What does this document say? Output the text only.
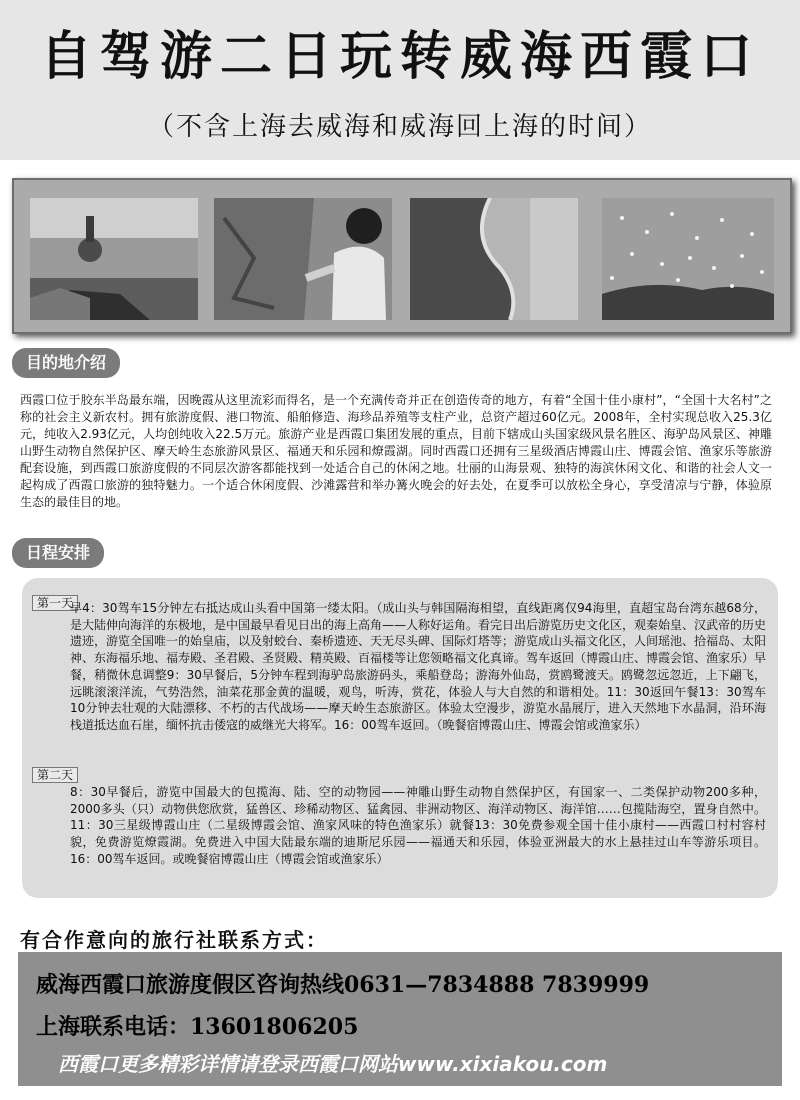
自驾游二日玩转威海西霞口
（不含上海去威海和威海回上海的时间）
目的地介绍
西霞口位于胶东半岛最东端，因晚霞从这里流彩而得名，是一个充满传奇并正在创造传奇的地方，有着“全国十佳小康村”，“全国十大名村”之称的社会主义新农村。拥有旅游度假、港口物流、船舶修造、海珍品养殖等支柱产业，总资产超过60亿元。2008年，全村实现总收入25.3亿元，纯收入2.93亿元，人均创纯收入22.5万元。旅游产业是西霞口集团发展的重点，目前下辖成山头国家级风景名胜区、海驴岛风景区、神雕山野生动物自然保护区、摩天岭生态旅游风景区、福通天和乐园和燎霞湖。同时西霞口还拥有三星级酒店博霞山庄、博霞会馆、渔家乐等旅游配套设施，到西霞口旅游度假的不同层次游客都能找到一处适合自己的休闲之地。壮丽的山海景观、独特的海滨休闲文化、和谐的社会人文一起构成了西霞口旅游的独特魅力。一个适合休闲度假、沙滩露营和举办篝火晚会的好去处，在夏季可以放松全身心，享受清凉与宁静，体验原生态的最佳目的地。
日程安排
第一天
早4：30驾车15分钟左右抵达成山头看中国第一缕太阳。（成山头与韩国隔海相望，直线距离仅94海里，直超宝岛台湾东越68分，是大陆伸向海洋的东极地，是中国最早看见日出的海上高角——人称好运角。看完日出后游览历史文化区，观秦始皇、汉武帝的历史遗迹，游览全国唯一的始皇庙，以及射蛟台、秦桥遗迹、天无尽头碑、国际灯塔等；游览成山头福文化区，人间瑶池、拾福岛、太阳神、东海福乐地、福寿殿、圣君殿、圣贤殿、精英殿、百福楼等让您领略福文化真谛。驾车返回（博霞山庄、博霞会馆、渔家乐）早餐，稍微休息调整9：30早餐后，5分钟车程到海驴岛旅游码头，乘船登岛；游海外仙岛，赏鸥鹭渡天。鸥鹭忽远忽近，上下翩飞，远眺滚滚洋流，气势浩然，油菜花那金黄的温暖，观鸟，听涛，赏花，体验人与大自然的和谐相处。11：30返回午餐13：30驾车10分钟去壮观的大陆漂移、不朽的古代战场——摩天岭生态旅游区。体验太空漫步，游览水晶展厅，进入天然地下水晶洞，沿环海栈道抵达血石崖，缅怀抗击倭寇的威继光大将军。16：00驾车返回。（晚餐宿博霞山庄、博霞会馆或渔家乐）
第二天
8：30早餐后，游览中国最大的包揽海、陆、空的动物园——神雕山野生动物自然保护区，有国家一、二类保护动物200多种，2000多头（只）动物供您欣赏，猛兽区、珍稀动物区、猛禽园、非洲动物区、海洋动物区、海洋馆……包揽陆海空，置身自然中。11：30三星级博霞山庄（二星级博霞会馆、渔家风味的特色渔家乐）就餐13：30免费参观全国十佳小康村——西霞口村村容村貌，免费游览燎霞湖。免费进入中国大陆最东端的迪斯尼乐园——福通天和乐园，体验亚洲最大的水上悬挂过山车等游乐项目。16：00驾车返回。或晚餐宿博霞山庄（博霞会馆或渔家乐）
有合作意向的旅行社联系方式：
威海西霞口旅游度假区咨询热线0631—7834888 7839999
上海联系电话：13601806205
西霞口更多精彩详情请登录西霞口网站www.xixiakou.com
